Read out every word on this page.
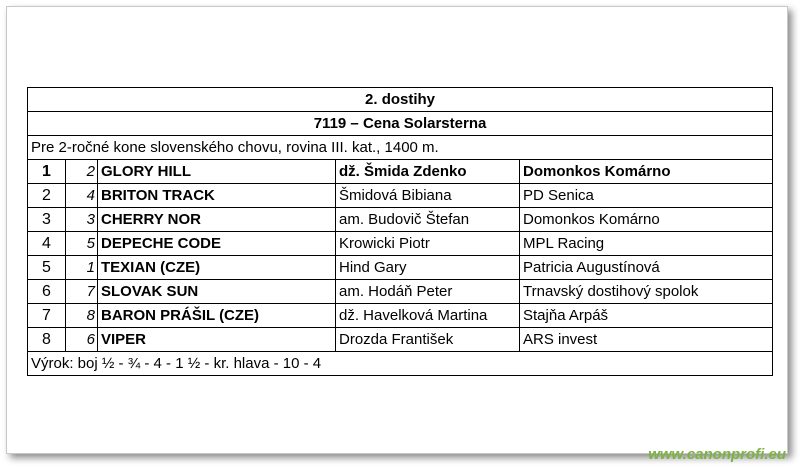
2. dostihy				
7119 – Cena Solarsterna				
Pre 2-ročné kone slovenského chovu, rovina III. kat., 1400 m.				
1	2	GLORY HILL	dž. Šmida Zdenko	Domonkos Komárno
2	4	BRITON TRACK	Šmidová Bibiana	PD Senica
3	3	CHERRY NOR	am. Budovič Štefan	Domonkos Komárno
4	5	DEPECHE CODE	Krowicki Piotr	MPL Racing
5	1	TEXIAN (CZE)	Hind Gary	Patricia Augustínová
6	7	SLOVAK SUN	am. Hodáň Peter	Trnavský dostihový spolok
7	8	BARON PRÁŠIL (CZE)	dž. Havelková Martina	Stajňa Arpáš
8	6	VIPER	Drozda František	ARS invest
Výrok: boj ½ - ¾ - 4 - 1 ½ - kr. hlava - 10 - 4				
www.canonprofi.eu
